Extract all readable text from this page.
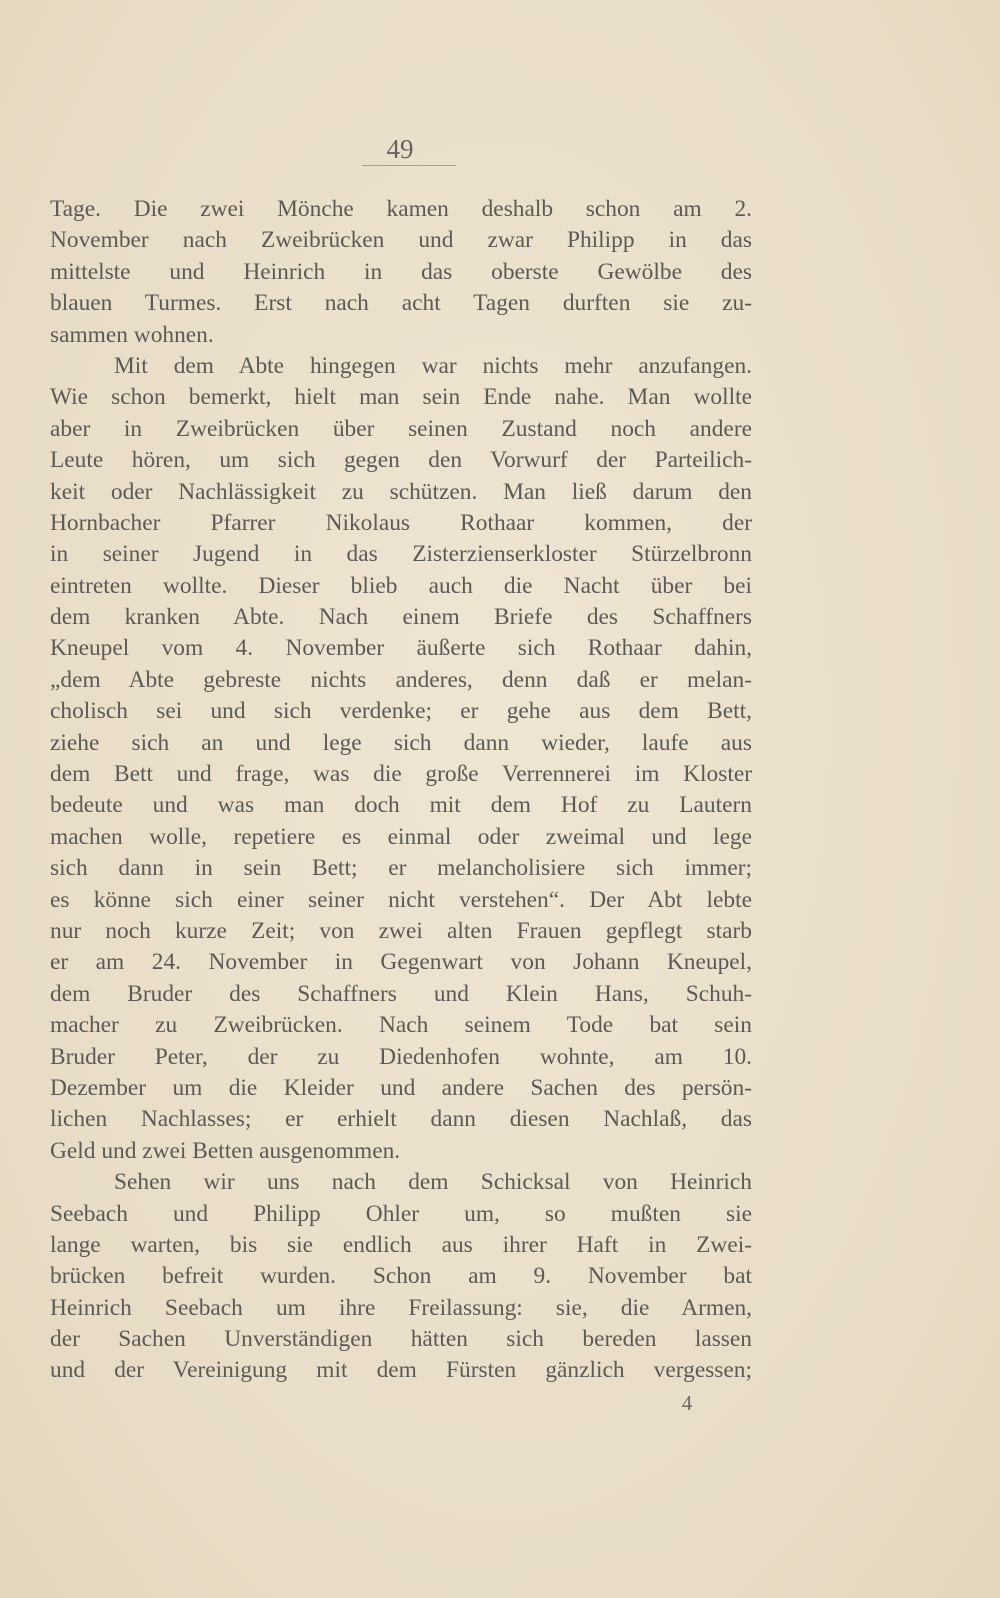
49
Tage. Die zwei Mönche kamen deshalb schon am 2.
November nach Zweibrücken und zwar Philipp in das
mittelste und Heinrich in das oberste Gewölbe des
blauen Turmes. Erst nach acht Tagen durften sie zu-
sammen wohnen.
Mit dem Abte hingegen war nichts mehr anzufangen.
Wie schon bemerkt, hielt man sein Ende nahe. Man wollte
aber in Zweibrücken über seinen Zustand noch andere
Leute hören, um sich gegen den Vorwurf der Parteilich-
keit oder Nachlässigkeit zu schützen. Man ließ darum den
Hornbacher Pfarrer Nikolaus Rothaar kommen, der
in seiner Jugend in das Zisterzienserkloster Stürzelbronn
eintreten wollte. Dieser blieb auch die Nacht über bei
dem kranken Abte. Nach einem Briefe des Schaffners
Kneupel vom 4. November äußerte sich Rothaar dahin,
„dem Abte gebreste nichts anderes, denn daß er melan-
cholisch sei und sich verdenke; er gehe aus dem Bett,
ziehe sich an und lege sich dann wieder, laufe aus
dem Bett und frage, was die große Verrennerei im Kloster
bedeute und was man doch mit dem Hof zu Lautern
machen wolle, repetiere es einmal oder zweimal und lege
sich dann in sein Bett; er melancholisiere sich immer;
es könne sich einer seiner nicht verstehen“. Der Abt lebte
nur noch kurze Zeit; von zwei alten Frauen gepflegt starb
er am 24. November in Gegenwart von Johann Kneupel,
dem Bruder des Schaffners und Klein Hans, Schuh-
macher zu Zweibrücken. Nach seinem Tode bat sein
Bruder Peter, der zu Diedenhofen wohnte, am 10.
Dezember um die Kleider und andere Sachen des persön-
lichen Nachlasses; er erhielt dann diesen Nachlaß, das
Geld und zwei Betten ausgenommen.
Sehen wir uns nach dem Schicksal von Heinrich
Seebach und Philipp Ohler um, so mußten sie
lange warten, bis sie endlich aus ihrer Haft in Zwei-
brücken befreit wurden. Schon am 9. November bat
Heinrich Seebach um ihre Freilassung: sie, die Armen,
der Sachen Unverständigen hätten sich bereden lassen
und der Vereinigung mit dem Fürsten gänzlich vergessen;
4
